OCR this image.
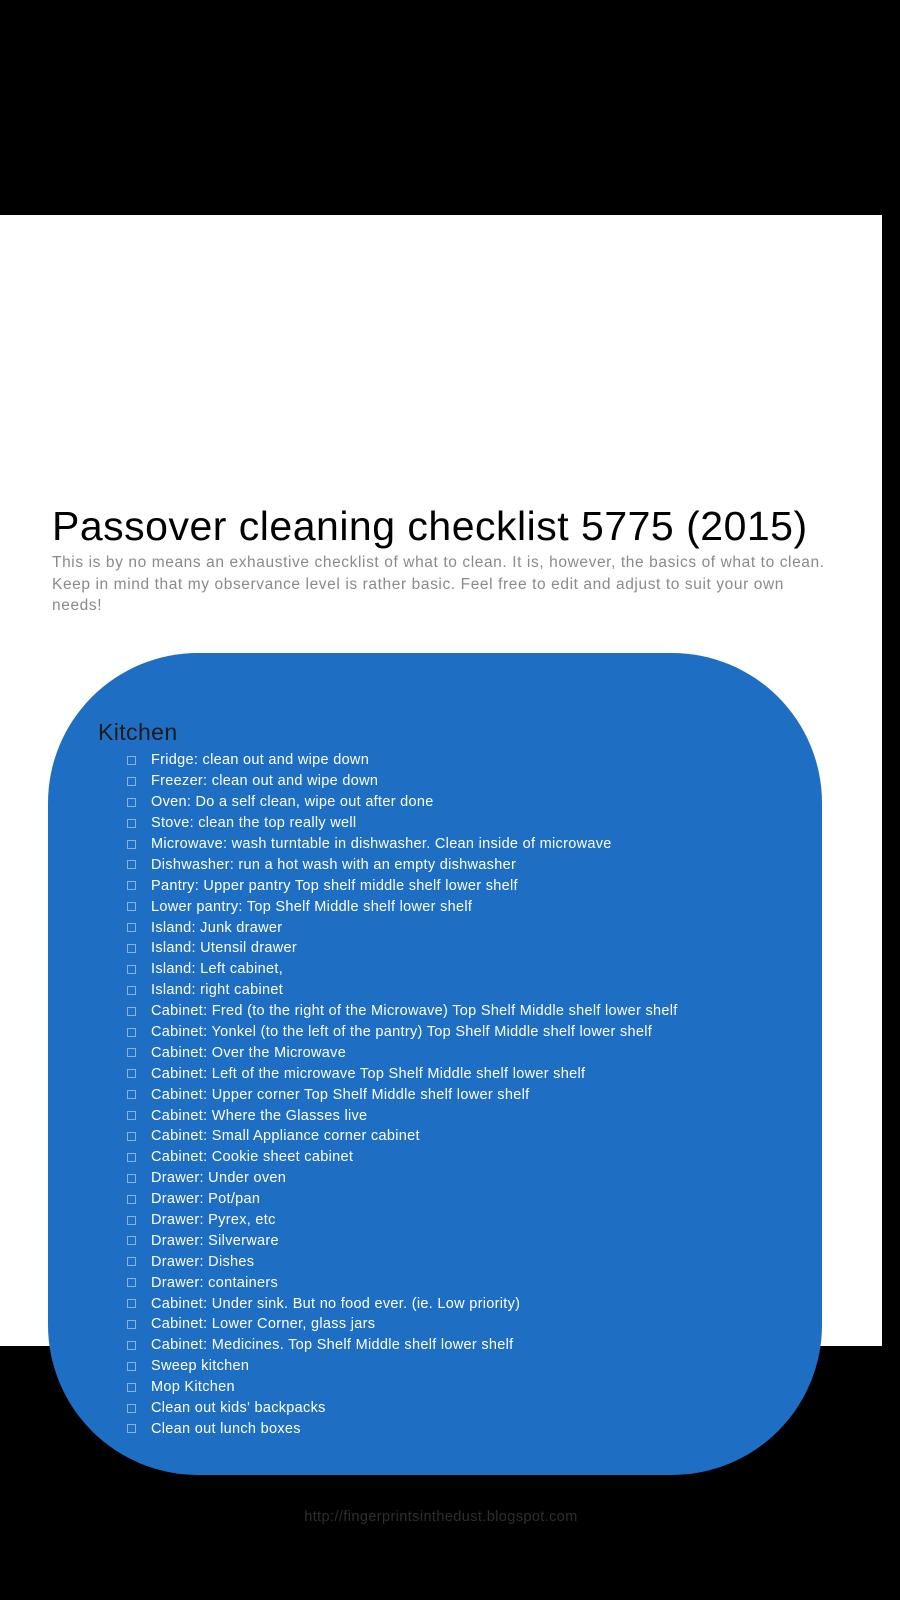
Passover cleaning checklist 5775 (2015)

This is by no means an exhaustive checklist of what to clean. It is, however, the basics of what to clean. Keep in mind that my observance level is rather basic. Feel free to edit and adjust to suit your own needs!

Kitchen
Fridge: clean out and wipe down
Freezer: clean out and wipe down
Oven: Do a self clean, wipe out after done
Stove: clean the top really well
Microwave: wash turntable in dishwasher. Clean inside of microwave
Dishwasher: run a hot wash with an empty dishwasher
Pantry: Upper pantry Top shelf middle shelf lower shelf
Lower pantry: Top Shelf Middle shelf lower shelf
Island: Junk drawer
Island: Utensil drawer
Island: Left cabinet,
Island: right cabinet
Cabinet: Fred (to the right of the Microwave) Top Shelf Middle shelf lower shelf
Cabinet: Yonkel (to the left of the pantry) Top Shelf Middle shelf lower shelf
Cabinet: Over the Microwave
Cabinet: Left of the microwave Top Shelf Middle shelf lower shelf
Cabinet: Upper corner Top Shelf Middle shelf lower shelf
Cabinet: Where the Glasses live
Cabinet: Small Appliance corner cabinet
Cabinet: Cookie sheet cabinet
Drawer: Under oven
Drawer: Pot/pan
Drawer: Pyrex, etc
Drawer: Silverware
Drawer: Dishes
Drawer: containers
Cabinet: Under sink. But no food ever. (ie. Low priority)
Cabinet: Lower Corner, glass jars
Cabinet: Medicines. Top Shelf Middle shelf lower shelf
Sweep kitchen
Mop Kitchen
Clean out kids' backpacks
Clean out lunch boxes
http://fingerprintsinthedust.blogspot.com
